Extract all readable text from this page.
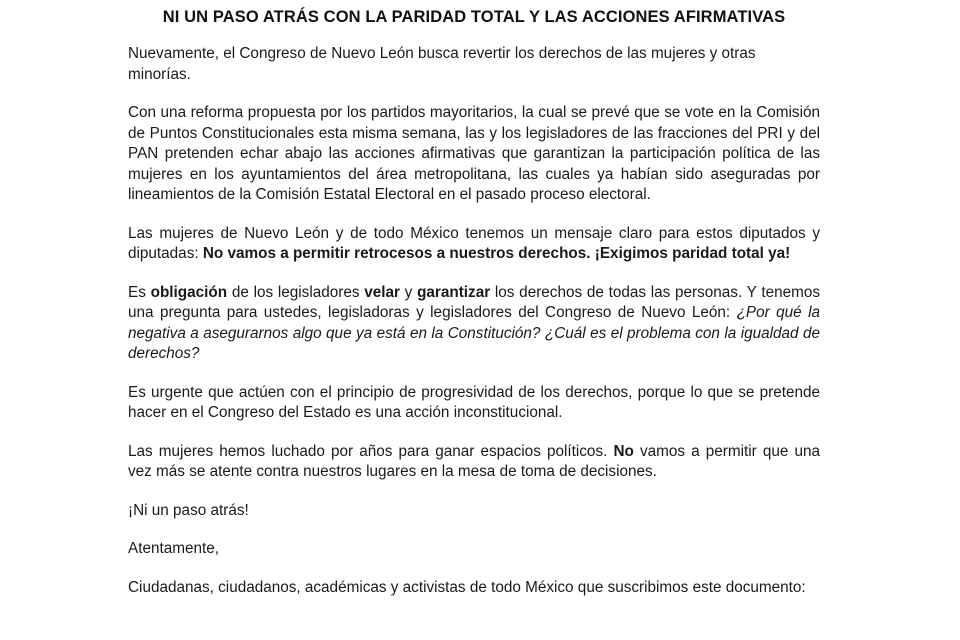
NI UN PASO ATRÁS CON LA PARIDAD TOTAL Y LAS ACCIONES AFIRMATIVAS

Nuevamente, el Congreso de Nuevo León busca revertir los derechos de las mujeres y otras minorías.

Con una reforma propuesta por los partidos mayoritarios, la cual se prevé que se vote en la Comisión de Puntos Constitucionales esta misma semana, las y los legisladores de las fracciones del PRI y del PAN pretenden echar abajo las acciones afirmativas que garantizan la participación política de las mujeres en los ayuntamientos del área metropolitana, las cuales ya habían sido aseguradas por lineamientos de la Comisión Estatal Electoral en el pasado proceso electoral.

Las mujeres de Nuevo León y de todo México tenemos un mensaje claro para estos diputados y diputadas: No vamos a permitir retrocesos a nuestros derechos. ¡Exigimos paridad total ya!

Es obligación de los legisladores velar y garantizar los derechos de todas las personas. Y tenemos una pregunta para ustedes, legisladoras y legisladores del Congreso de Nuevo León: ¿Por qué la negativa a asegurarnos algo que ya está en la Constitución? ¿Cuál es el problema con la igualdad de derechos?

Es urgente que actúen con el principio de progresividad de los derechos, porque lo que se pretende hacer en el Congreso del Estado es una acción inconstitucional.

Las mujeres hemos luchado por años para ganar espacios políticos. No vamos a permitir que una vez más se atente contra nuestros lugares en la mesa de toma de decisiones.

¡Ni un paso atrás!

Atentamente,

Ciudadanas, ciudadanos, académicas y activistas de todo México que suscribimos este documento:
